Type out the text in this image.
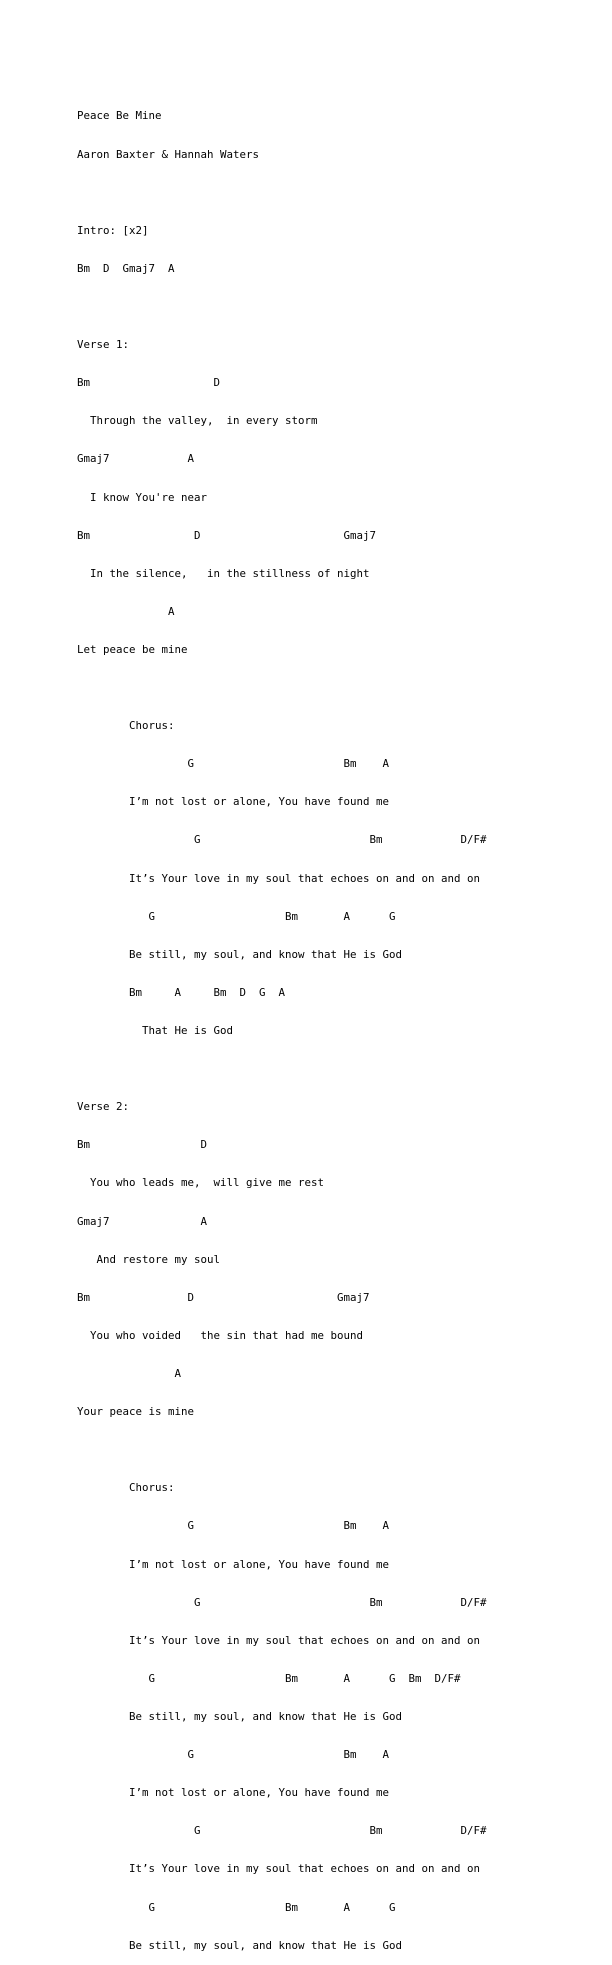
Peace Be Mine

Aaron Baxter & Hannah Waters

Intro: [x2]

Bm  D  Gmaj7  A

Verse 1:

Bm                   D

Through the valley,  in every storm

Gmaj7            A

I know You're near

Bm                D                      Gmaj7

In the silence,   in the stillness of night

A

Let peace be mine

Chorus:

G                       Bm    A

I’m not lost or alone, You have found me

G                          Bm            D/F#

It’s Your love in my soul that echoes on and on and on

G                    Bm       A      G

Be still, my soul, and know that He is God

Bm     A     Bm  D  G  A

That He is God

Verse 2:

Bm                 D

You who leads me,  will give me rest

Gmaj7              A

And restore my soul

Bm               D                      Gmaj7

You who voided   the sin that had me bound

A

Your peace is mine

Chorus:

G                       Bm    A

I’m not lost or alone, You have found me

G                          Bm            D/F#

It’s Your love in my soul that echoes on and on and on

G                    Bm       A      G  Bm  D/F#

Be still, my soul, and know that He is God

G                       Bm    A

I’m not lost or alone, You have found me

G                          Bm            D/F#

It’s Your love in my soul that echoes on and on and on

G                    Bm       A      G

Be still, my soul, and know that He is God
